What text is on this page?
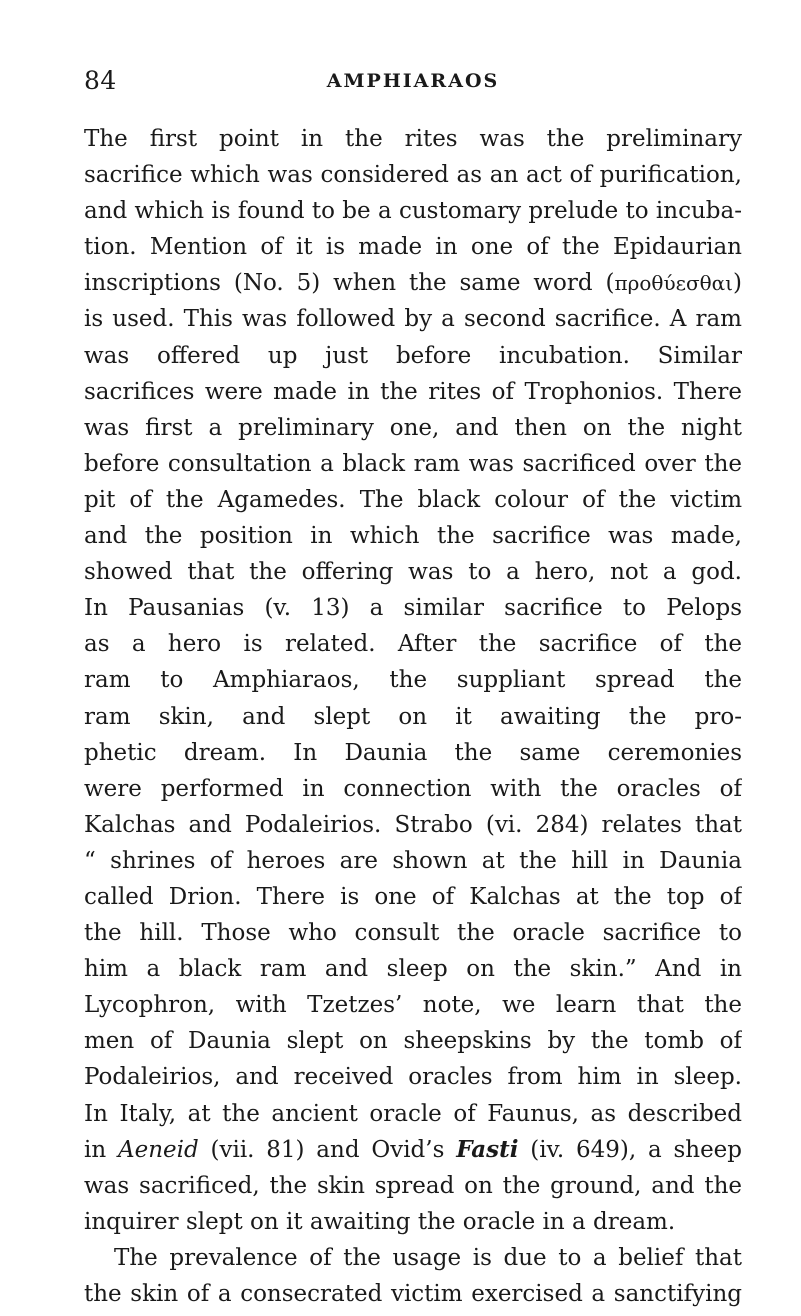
84	AMPHIARAOS
The first point in the rites was the preliminary
sacrifice which was considered as an act of purification,
and which is found to be a customary prelude to incuba-
tion. Mention of it is made in one of the Epidaurian
inscriptions (No. 5) when the same word (προθύεσθαι)
is used. This was followed by a second sacrifice. A ram
was offered up just before incubation. Similar
sacrifices were made in the rites of Trophonios. There
was first a preliminary one, and then on the night
before consultation a black ram was sacrificed over the
pit of the Agamedes. The black colour of the victim
and the position in which the sacrifice was made,
showed that the offering was to a hero, not a god.
In Pausanias (v. 13) a similar sacrifice to Pelops
as a hero is related. After the sacrifice of the
ram to Amphiaraos, the suppliant spread the
ram skin, and slept on it awaiting the pro-
phetic dream. In Daunia the same ceremonies
were performed in connection with the oracles of
Kalchas and Podaleirios. Strabo (vi. 284) relates that
“ shrines of heroes are shown at the hill in Daunia
called Drion. There is one of Kalchas at the top of
the hill. Those who consult the oracle sacrifice to
him a black ram and sleep on the skin.” And in
Lycophron, with Tzetzes’ note, we learn that the
men of Daunia slept on sheepskins by the tomb of
Podaleirios, and received oracles from him in sleep.
In Italy, at the ancient oracle of Faunus, as described
in Aeneid (vii. 81) and Ovid’s Fasti (iv. 649), a sheep
was sacrificed, the skin spread on the ground, and the
inquirer slept on it awaiting the oracle in a dream.
The prevalence of the usage is due to a belief that
the skin of a consecrated victim exercised a sanctifying
